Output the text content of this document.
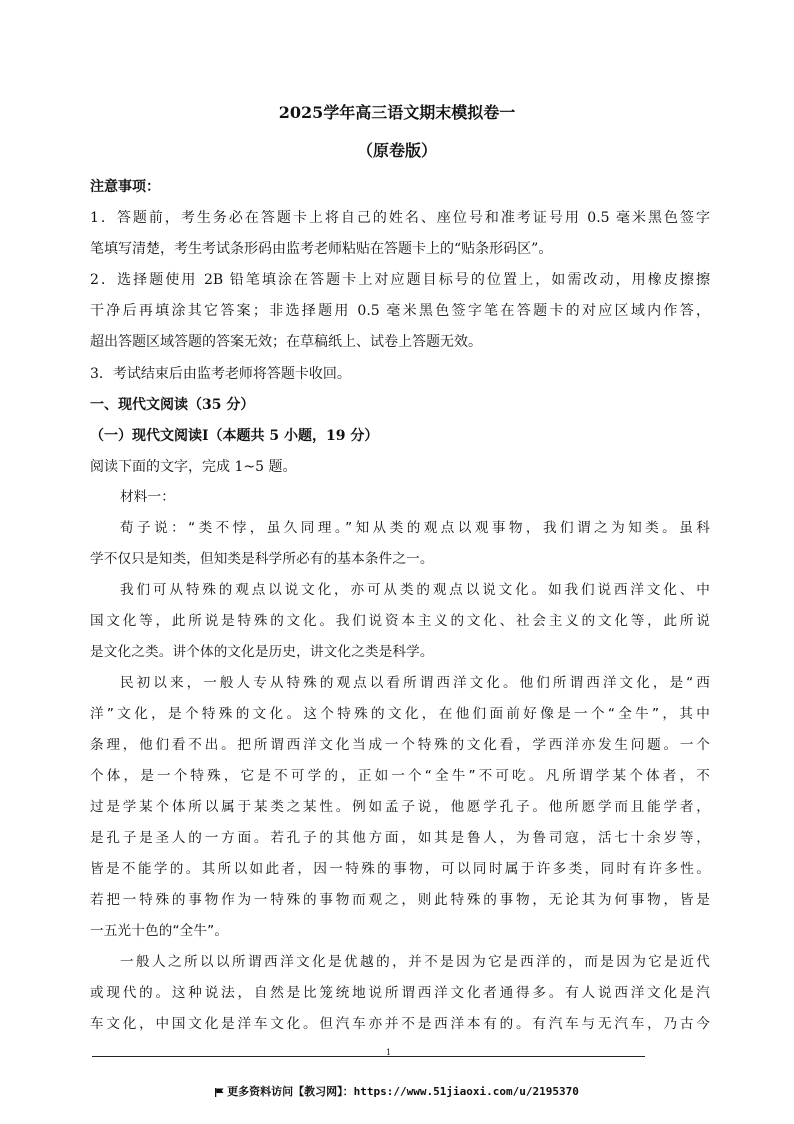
2025学年高三语文期末模拟卷一
（原卷版）
注意事项：
1．答题前，考生务必在答题卡上将自己的姓名、座位号和准考证号用 0.5 毫米黑色签字
笔填写清楚，考生考试条形码由监考老师粘贴在答题卡上的“贴条形码区”。
2．选择题使用 2B 铅笔填涂在答题卡上对应题目标号的位置上，如需改动，用橡皮擦擦
干净后再填涂其它答案；非选择题用 0.5 毫米黑色签字笔在答题卡的对应区域内作答，
超出答题区域答题的答案无效；在草稿纸上、试卷上答题无效。
3．考试结束后由监考老师将答题卡收回。
一、现代文阅读（35 分）
（一）现代文阅读Ⅰ（本题共 5 小题，19 分）
阅读下面的文字，完成 1~5 题。
材料一：
荀子说：“类不悖，虽久同理。”知从类的观点以观事物，我们谓之为知类。虽科
学不仅只是知类，但知类是科学所必有的基本条件之一。
我们可从特殊的观点以说文化，亦可从类的观点以说文化。如我们说西洋文化、中
国文化等，此所说是特殊的文化。我们说资本主义的文化、社会主义的文化等，此所说
是文化之类。讲个体的文化是历史，讲文化之类是科学。
民初以来，一般人专从特殊的观点以看所谓西洋文化。他们所谓西洋文化，是“西
洋”文化，是个特殊的文化。这个特殊的文化，在他们面前好像是一个“全牛”，其中
条理，他们看不出。把所谓西洋文化当成一个特殊的文化看，学西洋亦发生问题。一个
个体，是一个特殊，它是不可学的，正如一个“全牛”不可吃。凡所谓学某个体者，不
过是学某个体所以属于某类之某性。例如孟子说，他愿学孔子。他所愿学而且能学者，
是孔子是圣人的一方面。若孔子的其他方面，如其是鲁人，为鲁司寇，活七十余岁等，
皆是不能学的。其所以如此者，因一特殊的事物，可以同时属于许多类，同时有许多性。
若把一特殊的事物作为一特殊的事物而观之，则此特殊的事物，无论其为何事物，皆是
一五光十色的“全牛”。
一般人之所以以所谓西洋文化是优越的，并不是因为它是西洋的，而是因为它是近代
或现代的。这种说法，自然是比笼统地说所谓西洋文化者通得多。有人说西洋文化是汽
车文化，中国文化是洋车文化。但汽车亦并不是西洋本有的。有汽车与无汽车，乃古今
1
更多资料访问【教习网】：https://www.51jiaoxi.com/u/2195370
